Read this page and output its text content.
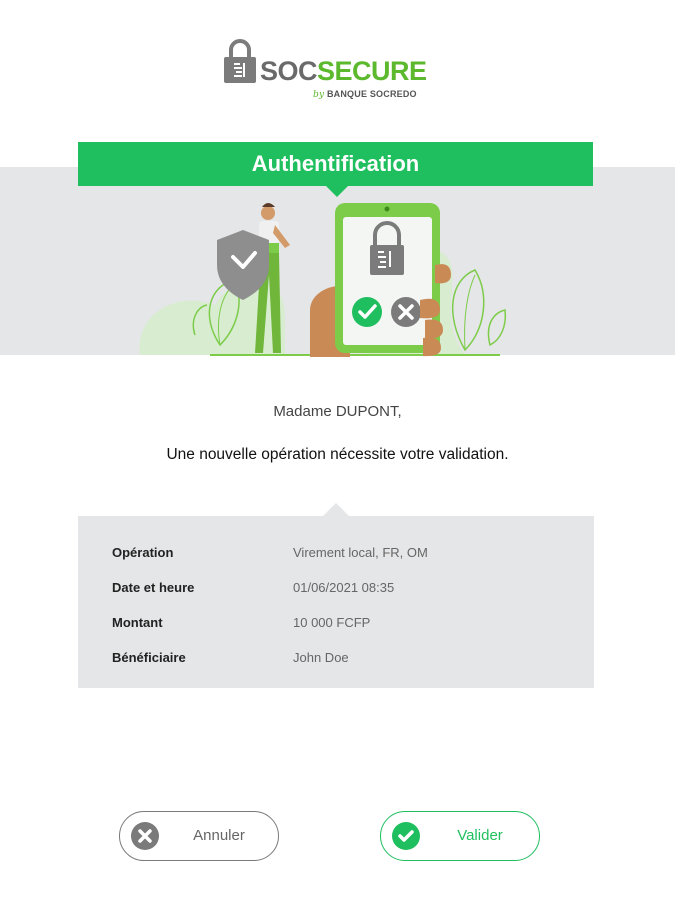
SOCSECURE
by BANQUE SOCREDO
Authentification
Madame DUPONT,
Une nouvelle opération nécessite votre validation.
Opération	Virement local, FR, OM
Date et heure	01/06/2021 08:35
Montant	10 000 FCFP
Bénéficiaire	John Doe
Annuler	Valider
